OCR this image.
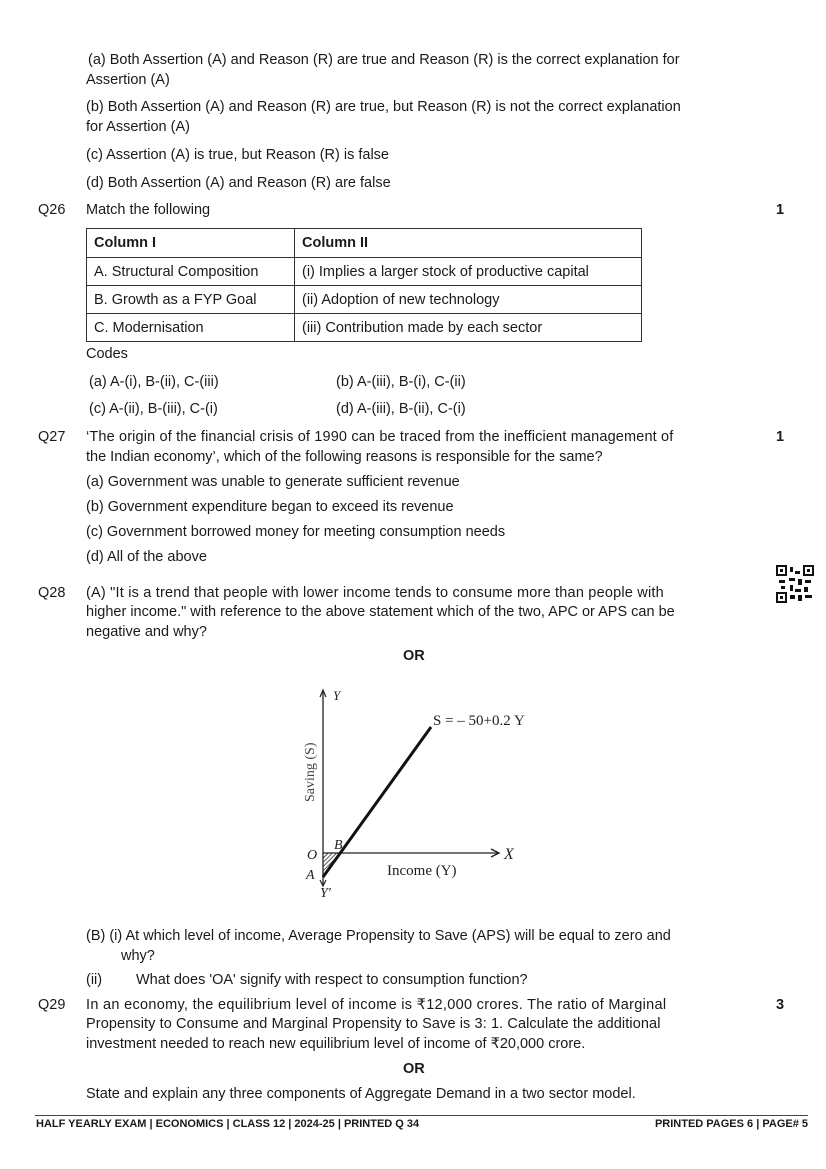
(a) Both Assertion (A) and Reason (R) are true and Reason (R) is the correct explanation for
Assertion (A)
(b) Both Assertion (A) and Reason (R) are true, but Reason (R) is not the correct explanation
for Assertion (A)
(c) Assertion (A) is true, but Reason (R) is false
(d) Both Assertion (A) and Reason (R) are false
Q26 Match the following	1
Column I	Column II
A. Structural Composition	(i) Implies a larger stock of productive capital
B. Growth as a FYP Goal	(ii) Adoption of new technology
C. Modernisation	(iii) Contribution made by each sector
Codes
(a) A-(i), B-(ii), C-(iii)	(b) A-(iii), B-(i), C-(ii)
(c) A-(ii), B-(iii), C-(i)	(d) A-(iii), B-(ii), C-(i)
Q27	1
‘The origin of the financial crisis of 1990 can be traced from the inefficient management of
the Indian economy’, which of the following reasons is responsible for the same?
(a) Government was unable to generate sufficient revenue
(b) Government expenditure began to exceed its revenue
(c) Government borrowed money for meeting consumption needs
(d) All of the above
Q28 (A) "It is a trend that people with lower income tends to consume more than people with
higher income." with reference to the above statement which of the two, APC or APS can be
negative and why?
OR
Y
Y'
X
Saving (S)
Income (Y)
O
A
B
S = – 50+0.2 Y
(B) (i) At which level of income, Average Propensity to Save (APS) will be equal to zero and
why?
(ii) What does 'OA' signify with respect to consumption function?
Q29	3
In an economy, the equilibrium level of income is ₹12,000 crores. The ratio of Marginal
Propensity to Consume and Marginal Propensity to Save is 3: 1. Calculate the additional
investment needed to reach new equilibrium level of income of ₹20,000 crore.
OR
State and explain any three components of Aggregate Demand in a two sector model.
HALF YEARLY EXAM | ECONOMICS | CLASS 12 | 2024-25 | PRINTED Q 34	PRINTED PAGES 6 | PAGE# 5
